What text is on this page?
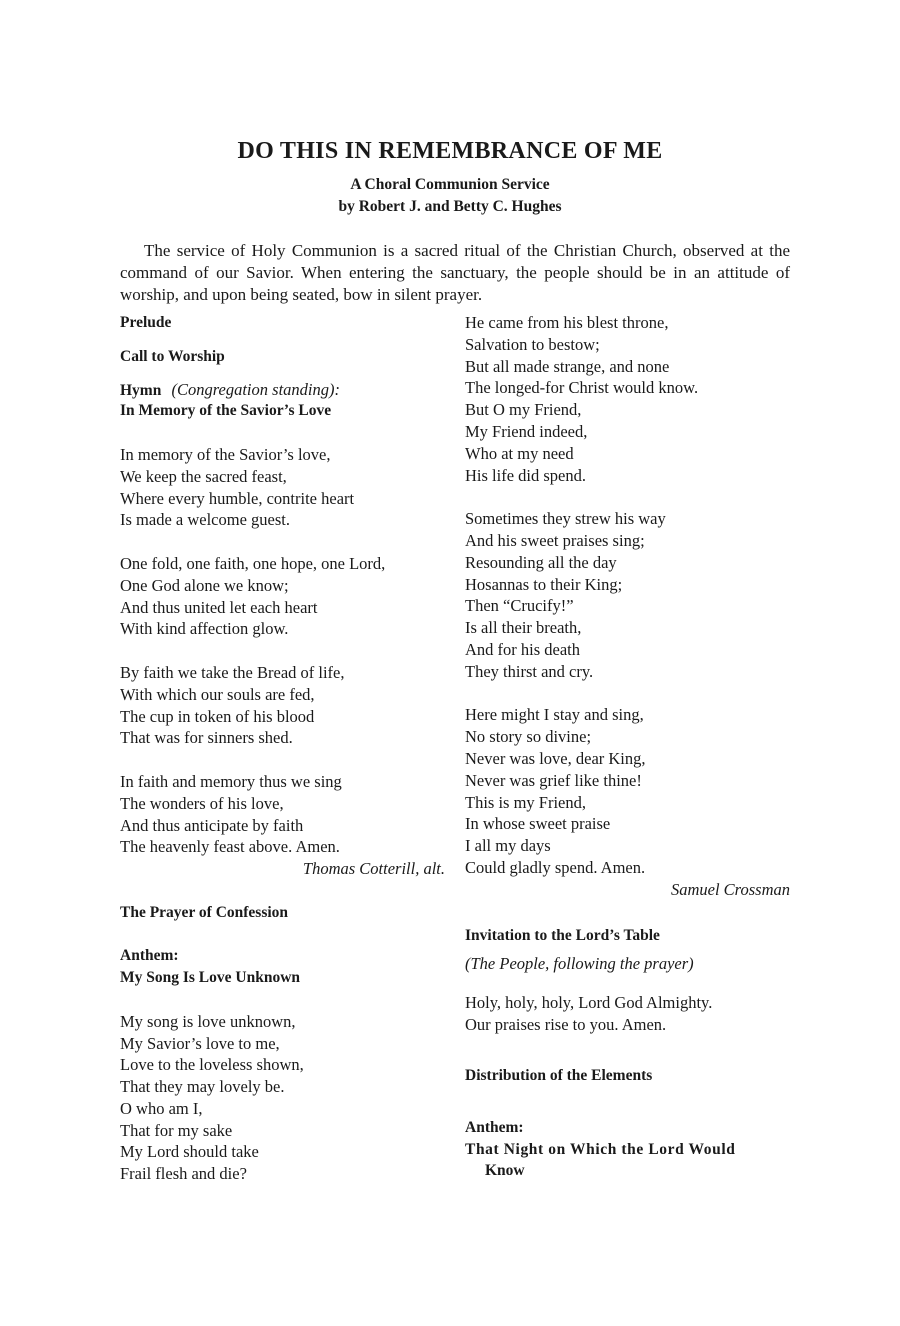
DO THIS IN REMEMBRANCE OF ME
A Choral Communion Service
by Robert J. and Betty C. Hughes
The service of Holy Communion is a sacred ritual of the Christian Church, observed at the command of our Savior. When entering the sanctuary, the people should be in an attitude of worship, and upon being seated, bow in silent prayer.
Prelude
Call to Worship
Hymn (Congregation standing):
In Memory of the Savior’s Love
In memory of the Savior’s love,
We keep the sacred feast,
Where every humble, contrite heart
Is made a welcome guest.
One fold, one faith, one hope, one Lord,
One God alone we know;
And thus united let each heart
With kind affection glow.
By faith we take the Bread of life,
With which our souls are fed,
The cup in token of his blood
That was for sinners shed.
In faith and memory thus we sing
The wonders of his love,
And thus anticipate by faith
The heavenly feast above. Amen.
Thomas Cotterill, alt.
The Prayer of Confession
Anthem:
My Song Is Love Unknown
My song is love unknown,
My Savior’s love to me,
Love to the loveless shown,
That they may lovely be.
O who am I,
That for my sake
My Lord should take
Frail flesh and die?
He came from his blest throne,
Salvation to bestow;
But all made strange, and none
The longed-for Christ would know.
But O my Friend,
My Friend indeed,
Who at my need
His life did spend.
Sometimes they strew his way
And his sweet praises sing;
Resounding all the day
Hosannas to their King;
Then “Crucify!”
Is all their breath,
And for his death
They thirst and cry.
Here might I stay and sing,
No story so divine;
Never was love, dear King,
Never was grief like thine!
This is my Friend,
In whose sweet praise
I all my days
Could gladly spend. Amen.
Samuel Crossman
Invitation to the Lord’s Table
(The People, following the prayer)
Holy, holy, holy, Lord God Almighty.
Our praises rise to you. Amen.
Distribution of the Elements
Anthem:
That Night on Which the Lord Would
Know
